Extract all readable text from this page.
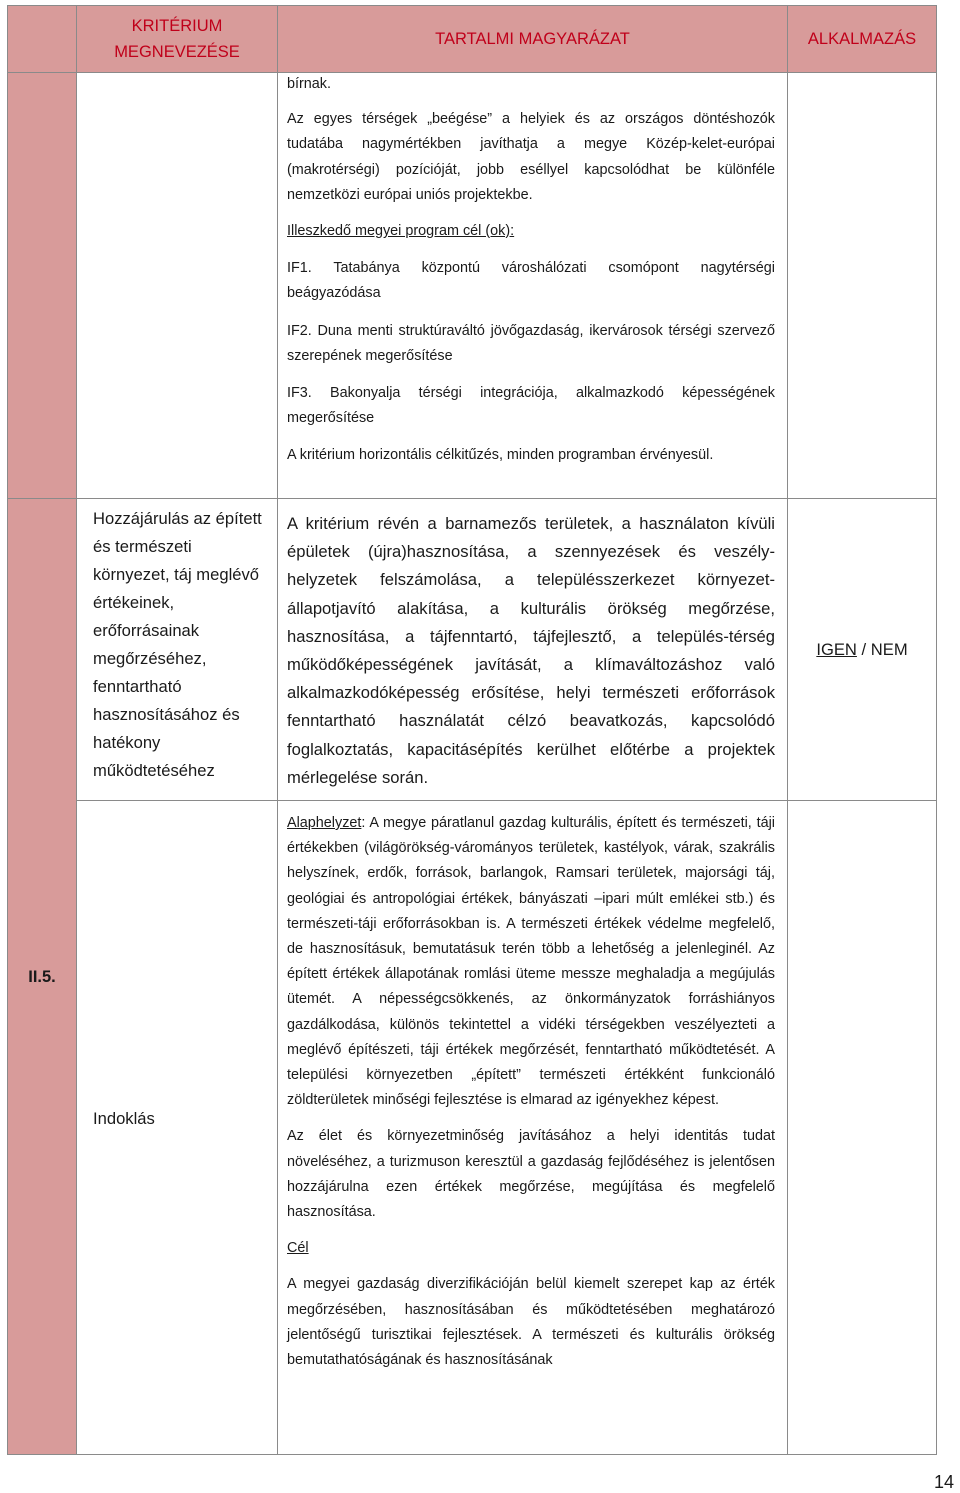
KRITÉRIUM MEGNEVEZÉSE
TARTALMI MAGYARÁZAT	ALKALMAZÁS

bírnak.

Az egyes térségek „beégése” a helyiek és az országos döntéshozók tudatába nagymértékben javíthatja a megye Közép-kelet-európai (makrotérségi) pozícióját, jobb eséllyel kapcsolódhat be különféle nemzetközi európai uniós projektekbe.

Illeszkedő megyei program cél (ok):

IF1. Tatabánya központú városhálózati csomópont nagytérségi beágyazódása

IF2. Duna menti struktúraváltó jövőgazdaság, ikervárosok térségi szervező szerepének megerősítése

IF3. Bakonyalja térségi integrációja, alkalmazkodó képességének megerősítése

A kritérium horizontális célkitűzés, minden programban érvényesül.

II.5.
Hozzájárulás az épített és természeti környezet, táj meglévő értékeinek, erőforrásainak megőrzéséhez, fenntartható hasznosításához és hatékony működtetéséhez

A kritérium révén a barnamezős területek, a használaton kívüli épületek (újra)hasznosítása, a szennyezések és veszély-helyzetek felszámolása, a településszerkezet környezet-állapotjavító alakítása, a kulturális örökség megőrzése, hasznosítása, a tájfenntartó, tájfejlesztő, a település-térség működőképességének javítását, a klímaváltozáshoz való alkalmazkodóképesség erősítése, helyi természeti erőforrások fenntartható használatát célzó beavatkozás, kapcsolódó foglalkoztatás, kapacitásépítés kerülhet előtérbe a projektek mérlegelése során.

IGEN / NEM
Indoklás

Alaphelyzet: A megye páratlanul gazdag kulturális, épített és természeti, táji értékekben (világörökség-várományos területek, kastélyok, várak, szakrális helyszínek, erdők, források, barlangok, Ramsari területek, majorsági táj, geológiai és antropológiai értékek, bányászati –ipari múlt emlékei stb.) és természeti-táji erőforrásokban is. A természeti értékek védelme megfelelő, de hasznosításuk, bemutatásuk terén több a lehetőség a jelenleginél. Az épített értékek állapotának romlási üteme messze meghaladja a megújulás ütemét. A népességcsökkenés, az önkormányzatok forráshiányos gazdálkodása, különös tekintettel a vidéki térségekben veszélyezteti a meglévő építészeti, táji értékek megőrzését, fenntartható működtetését. A települési környezetben „épített” természeti értékként funkcionáló zöldterületek minőségi fejlesztése is elmarad az igényekhez képest.

Az élet és környezetminőség javításához a helyi identitás tudat növeléséhez, a turizmuson keresztül a gazdaság fejlődéséhez is jelentősen hozzájárulna ezen értékek megőrzése, megújítása és megfelelő hasznosítása.

Cél

A megyei gazdaság diverzifikációján belül kiemelt szerepet kap az érték megőrzésében, hasznosításában és működtetésében meghatározó jelentőségű turisztikai fejlesztések. A természeti és kulturális örökség bemutathatóságának és hasznosításának

14
